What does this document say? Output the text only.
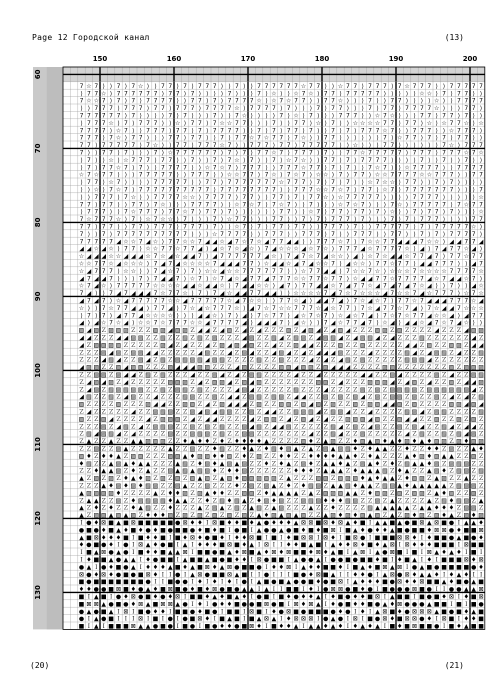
Page 12 Городской канал	(13)
7 ☆ 7 ⟩ ⟩ 7 ⟩ 7 ☆ ⟩ ⟩ 7 7 ⟩ 7 ⟩ 7 7 7 ⟩ ⟩ 7 ⟩ ⟩ 7 7 7 7 7 7 ☆ 7 7 ⟩ ⟩ ☆ 7 7 ⟩ 7 7 7 ⟩ 7 ☆ 7 7 7 ⟩ ⟩ 7 7 7 7 7
⟩ 7 7 ☆ ⟩ 7 7 7 7 7 7 ⟩ 7 7 ⟩ 7 ⟩ ⟩ ⟩ ⟩ 7 ⟩ ⟩ ⟩ 7 ⟩ ☆ ⟩ ⟩ ☆ 7 ☆ ⟩ 7 7 ⟩ 7 7 7 7 7 ⟩ ⟩ ⟩ ⟩ ⟩ ☆ ☆ ⟩ 7 ⟩ 7 7 ⟩ ⟩
7 ☆ ☆ 7 ⟩ 7 ⟩ 7 ⟩ 7 7 7 7 ⟩ ⟩ 7 7 ⟩ 7 ⟩ 7 7 7 7 ☆ ⟩ ☆ 7 ☆ 7 7 ⟩ ⟩ 7 7 ☆ ⟩ ⟩ ⟩ 7 ⟩ ⟩ 7 7 ⟩ ⟩ ⟩ ⟩ ☆ ⟩ ⟩ 7 7 7 7
⟩ ⟩ 7 7 7 ⟩ 7 7 7 ⟩ 7 7 ⟩ 7 7 7 ⟩ 7 7 7 7 ☆ ⟩ 7 7 7 7 ⟩ 7 ⟩ ⟩ ⟩ 7 ⟩ 7 7 ⟩ ⟩ ⟩ 7 ⟩ 7 7 ⟩ 7 7 7 7 ☆ ⟩ ⟩ ⟩ 7 7 ⟩
7 7 7 7 7 7 ⟩ 7 ⟩ ⟩ ⟩ ⟩ 7 ⟩ 7 ⟩ ⟩ ⟩ 7 ⟩ ⟩ 7 ☆ ⟩ ⟩ ⟩ ⟩ 7 ⟩ ☆ ⟩ 7 ⟩ ⟩ ⟩ 7 7 7 ⟩ ⟩ ☆ 7 ☆ ⟩ ⟩ ⟩ 7 7 ⟩ 7 7 ⟩ 7 ⟩ ⟩
⟩ 7 7 7 ☆ ⟩ 7 ⟩ 7 7 7 ⟩ ⟩ ☆ ⟩ 7 7 ⟩ 7 ☆ ☆ 7 7 ⟩ ⟩ ⟩ 7 ⟩ ⟩ 7 7 ⟩ ☆ ⟩ 7 ⟩ ⟩ ☆ ☆ ☆ ☆ 7 7 ⟩ 7 7 ⟩ ☆ ⟩ ☆ 7 7 ☆ ⟩ ☆
7 7 7 7 ⟩ ☆ 7 ⟩ ⟩ 7 7 7 ⟩ 7 7 ⟩ 7 ⟩ 7 7 7 7 ⟩ ⟩ 7 ⟩ 7 ⟩ 7 7 ⟩ 7 ⟩ ⟩ 7 ⟩ 7 ⟩ 7 7 7 ☆ 7 ⟩ ⟩ 7 7 7 ⟩ ⟩ ☆ 7 7 7 ⟩
7 7 7 ⟩ 7 ☆ ⟩ 7 7 ⟩ ⟩ ⟩ 7 7 ⟩ 7 7 ⟩ ⟩ 7 ⟩ 7 7 ☆ 7 ☆ 7 7 ⟩ 7 ☆ ⟩ ⟩ 7 7 ⟩ ⟩ ⟩ ⟩ ⟩ ⟩ 7 ⟩ ☆ 7 7 ⟩ 7 ⟩ 7 ⟩ 7 7 ⟩ ⟩
7 7 ⟩ 7 7 7 7 7 ⟩ 7 ☆ ⟩ ⟩ 7 7 ⟩ 7 7 7 ☆ 7 ⟩ ⟩ 7 7 7 ⟩ 7 7 ⟩ 7 7 7 7 7 ⟩ ⟩ ☆ ⟩ ⟩ ⟩ 7 7 ⟩ ⟩ ⟩ ⟩ ⟩ ⟩ 7 ☆ ⟩ 7 7 7
7 ⟩ ⟩ 7 7 ⟩ 7 ⟩ ⟩ ⟩ 7 ⟩ ☆ 7 7 7 7 7 7 ⟩ 7 ⟩ 7 ⟩ 7 7 ☆ 7 ⟩ 7 7 7 ⟩ 7 ⟩ ⟩ 7 7 ☆ 7 7 7 7 7 ⟩ 7 7 7 ⟩ 7 7 7 ☆ 7 ☆
⟩ 7 ⟩ ⟩ ☆ ⟩ ☆ 7 7 7 ⟩ 7 7 ⟩ ⟩ 7 ⟩ ⟩ 7 ⟩ 7 ☆ ⟩ 7 ⟩ ⟩ 7 ⟩ ☆ 7 ☆ ⟩ ⟩ 7 7 ⟩ 7 ⟩ 7 7 7 7 ⟩ ⟩ ⟩ ⟩ 7 ⟩ ⟩ 7 ⟩ ⟩ 7 ⟩ ⟩
⟩ 7 ⟩ 7 7 ☆ 7 ⟩ 7 ⟩ ⟩ 7 7 7 7 ⟩ ⟩ ☆ 7 ☆ 7 ⟩ 7 7 7 ⟩ ⟩ 7 7 7 ☆ 7 7 ⟩ 7 ⟩ 7 ⟩ ⟩ 7 ☆ 7 ⟩ ⟩ ☆ 7 7 7 7 ⟩ ⟩ 7 7 7 7
☆ 7 ☆ 7 7 ⟩ ⟩ ⟩ 7 7 7 7 7 ⟩ ⟩ 7 7 7 ⟩ ⟩ ☆ ☆ 7 7 ⟩ 7 ☆ ⟩ 7 ☆ 7 ⟩ ☆ ☆ ⟩ 7 ⟩ 7 7 ⟩ ☆ ☆ 7 7 7 7 ☆ ☆ 7 7 7 ⟩ ⟩ 7 7
⟩ 7 7 ⟩ ☆ 7 ⟩ ⟩ ⟩ ⟩ 7 7 7 7 7 ⟩ ⟩ 7 7 ⟩ 7 7 7 7 7 7 7 ☆ 7 7 7 ⟩ 7 ⟩ 7 ⟩ 7 ⟩ ⟩ ☆ 7 ☆ ☆ ⟩ 7 7 ⟩ ⟩ 7 ⟩ 7 ⟩ ⟩ ⟩ ⟩
⟩ ⟩ ☆ ⟩ 7 ☆ 7 ⟩ 7 7 7 7 7 7 7 7 7 7 ⟩ 7 7 7 7 7 7 7 7 ⟩ ⟩ 7 7 7 ☆ ☆ 7 ☆ 7 ⟩ 7 7 ⟩ ☆ 7 ⟩ 7 7 7 7 7 7 7 ⟩ ⟩ ⟩ 7
⟩ ⟩ 7 7 7 ⟩ 7 ☆ ⟩ ⟩ 7 7 7 7 ☆ ☆ ⟩ 7 7 7 7 ⟩ 7 7 ⟩ ⟩ 7 7 ⟩ 7 ⟩ 7 7 ☆ ⟩ ☆ 7 7 7 7 7 ⟩ ⟩ ⟩ ⟩ 7 7 7 7 ⟩ ⟩ ⟩ ⟩ ⟩ ☆
7 7 ⟩ 7 7 ⟩ ⟩ 7 7 ⟩ 7 ☆ ⟩ ⟩ ⟩ 7 7 7 7 ⟩ ⟩ ☆ 7 ☆ 7 ⟩ 7 ☆ 7 ⟩ ⟩ 7 ⟩ ⟩ ⟩ ☆ 7 ☆ 7 ⟩ ⟩ ⟩ 7 ☆ ⟩ 7 7 7 7 7 ⟩ 7 ☆ 7 7
⟩ 7 7 7 ⟩ ⟩ 7 ☆ 7 7 7 ⟩ 7 7 ☆ 7 ⟩ 7 7 ⟩ 7 ⟩ ⟩ ⟩ ⟩ ⟩ ⟩ 7 7 ⟩ ⟩ ☆ 7 ⟩ 7 7 ⟩ 7 7 ⟩ 7 ⟩ ☆ ⟩ ⟩ 7 ⟩ 7 7 ⟩ 7 ⟩ ⟩ ⟩ ☆
7 ☆ 7 7 7 ☆ ⟩ 7 ⟩ ☆ 7 ☆ ☆ ⟩ 7 ⟩ ⟩ ⟩ 7 ⟩ ☆ 7 7 ⟩ ⟩ ⟩ 7 7 ⟩ ⟩ 7 ⟩ 7 ⟩ 7 7 7 ⟩ 7 ⟩ ⟩ ⟩ 7 ⟩ 7 ⟩ 7 7 7 ⟩ ⟩ ⟩ ⟩ 7 7
7 7 ⟩ 7 7 ⟩ ⟩ 7 7 ⟩ 7 7 7 ⟩ 7 7 7 ⟩ 7 ⟩ ⟩ ☆ 7 ⟩ 7 ⟩ 7 7 ⟩ 7 7 ⟩ ⟩ 7 7 7 ⟩ 7 ⟩ ⟩ 7 7 7 7 7 ⟩ 7 ⟩ 7 7 7 7 7 ☆ ⟩
7 ⟩ ⟩ 7 ⟩ 7 7 7 7 7 7 7 7 7 7 ⟩ ⟩ ⟩ ☆ 7 7 7 7 ⟩ ⟩ 7 7 7 ⟩ ⟩ 7 7 7 ⟩ 7 ⟩ ⟩ 7 7 7 ⟩ ⟩ 7 7 ⟩ ⟩ 7 ⟩ 7 ⟩ 7 7 7 7 ⟩
7 7 7 7 7 ◢ ☆ ☆ 7 ◢ ☆ ⟩ 7 7 ☆ ☆ 7 ◢ ◢ ☆ ◢ 7 ☆ 7 ☆ ◢ 7 7 ◢ ◢ ⟩ ⟩ 7 7 7 ☆ 7 ⟩ 7 ☆ ☆ 7 7 ◢ ◢ ◢ 7 ☆ ☆ ⟩ ◢ ◢ 7 7 ◢
◢ ◢ ☆ ◢ ☆ ⟩ 7 7 ⟩ ☆ ☆ 7 7 ☆ 7 7 ◢ ⟩ ◢ ☆ 7 ☆ ◢ ☆ ⟩ 7 ◢ ☆ ☆ ☆ ◢ ☆ 7 ☆ ⟩ 7 7 7 ◢ ☆ 7 7 7 7 ☆ ⟩ ◢ ⟩ 7 ◢ 7 7 ☆ ◢ ⟩
☆ ◢ ◢ ◢ ☆ ☆ ◢ ◢ ◢ ☆ 7 ☆ ◢ ☆ ◢ ◢ 7 ⟩ ◢ 7 7 7 7 7 7 ◢ ☆ ⟩ 7 ◢ 7 ☆ 7 ◢ ☆ ☆ ⟩ ◢ ⟩ ☆ 7 ☆ ◢ ◢ ☆ 7 7 ◢ 7 ⟩ 7 7 ☆ 7 7
☆ ☆ 7 7 ☆ ◢ ☆ ☆ ☆ ⟩ 7 ◢ 7 ◢ ☆ ☆ ☆ ☆ 7 ◢ ◢ ◢ 7 7 ⟩ ☆ ◢ ◢ ☆ ◢ 7 ◢ ☆ ☆ 7 ⟩ ◢ ☆ ☆ ⟩ 7 7 ☆ 7 7 ⟩ ◢ ◢ 7 7 7 ⟩ ⟩ ◢ 7
☆ ◢ 7 7 7 ⟩ ☆ ☆ ⟩ ⟩ 7 ◢ ☆ 7 ⟩ 7 ⟩ ☆ ☆ ◢ ☆ ☆ 7 7 7 7 7 7 ⟩ ⟩ ☆ 7 7 ◢ ◢ ⟩ 7 ☆ ☆ 7 ☆ ⟩ ☆ ☆ ☆ 7 ☆ ☆ ☆ ☆ 7 7 7 7 ☆
◢ 7 ◢ ◢ 7 ⟩ ⟩ ⟩ 7 ⟩ 7 ◢ ◢ 7 ⟩ ☆ 7 ⟩ ☆ 7 ◢ ☆ ◢ 7 7 ◢ 7 7 7 ☆ ☆ 7 7 ☆ 7 7 ⟩ ☆ ◢ ◢ 7 7 ☆ 7 7 7 7 ◢ ☆ 7 ◢ ◢ ☆ 7 ⟩
☆ 7 ◢ ☆ ⟩ 7 7 7 7 7 ☆ ☆ ☆ ☆ ◢ ◢ ☆ ◢ ◢ ☆ ⟩ 7 ◢ ◢ ☆ ☆ ⟩ ◢ 7 ⟩ 7 7 ◢ ◢ ☆ 7 ◢ 7 7 ☆ ◢ 7 ◢ 7 ◢ 7 ☆ ◢ ⟩ ⟩ 7 ⟩ ⟩ ◢ ☆
7 ◢ ⟩ ⟩ 7 ◢ 7 ◢ ◢ ◢ 7 ☆ 7 7 ☆ ⟩ 7 ⟩ 7 ◢ ☆ ◢ ◢ 7 7 ◢ ◢ ⟩ ⟩ ☆ ☆ ☆ ☆ 7 ◢ 7 ☆ 7 ☆ ☆ ☆ ◢ 7 ☆ ☆ 7 ◢ ☆ 7 7 7 ⟩ ☆ 7 ☆
◢ 7 ◢ 7 ⟩ ☆ ◢ 7 7 7 7 7 ☆ ☆ ◢ 7 7 7 7 7 ☆ ◢ 7 ☆ ☆ ⟩ ⟩ 7 7 ☆ ◢ ⟩ ◢ ◢ 7 ◢ ⟩ 7 ☆ ◢ ☆ 7 ⟩ 7 7 ☆ 7 ◢ ◢ ◢ 7 7 7 ☆ ◢
☆ ⟩ ⟩ 7 ☆ 7 7 ◢ ◢ ⟩ 7 7 ◢ ⟩ 7 ☆ ◢ ☆ 7 7 7 ☆ ⟩ ◢ 7 ☆ 7 ☆ ☆ 7 7 7 ☆ ◢ ☆ 7 7 ⟩ 7 ☆ ◢ 7 7 ☆ 7 ◢ ⟩ 7 ☆ ◢ ◢ 7 ☆ ☆ ☆
⟩ 7 ⟩ 7 ⟩ ◢ 7 7 ◢ ☆ ☆ ☆ ☆ ⟩ ⟩ ⟩ ◢ ◢ ☆ ⟩ 7 ⟩ ◢ ⟩ 7 ☆ 7 7 ⟩ ◢ ☆ 7 ☆ 7 ⟩ ☆ ◢ ☆ 7 ◢ ⟩ 7 ☆ 7 ☆ 7 7 ◢ ☆ ☆ ◢ ⟩ ◢ 7 7
◢ ⟩ ◢ ☆ 7 ☆ ◢ ⟩ ☆ ☆ 7 ☆ 7 7 7 ☆ ☆ ◢ 7 7 7 7 ◢ ⟩ ◢ ◢ ◢ 7 ⟩ ◢ ☆ ⟩ ⟩ 7 ◢ ☆ 7 7 ◢ 7 ⟩ ☆ ◢ ⟩ ◢ ◢ ☆ ◢ 7 ☆ 7 ◢ ☆ ⟩ ⟩
▨ ◢ ▨ Ｚ ▨ ▨ ▨ Ｚ Ｚ Ｚ ▨ ▨ ◢ ▨ ▨ Ｚ ◢ ◢ Ｚ ◢ ▨ Ｚ ◢ Ｚ ◢ Ｚ Ｚ Ｚ ▨ Ｚ ◢ ▨ ◢ Ｚ ◢ ▨ ◢ Ｚ Ｚ Ｚ ▨ ▨ Ｚ ▨ Ｚ Ｚ Ｚ Ｚ ◢ Ｚ Ｚ Ｚ ◢ ▨ ▨
◢ ◢ Ｚ Ｚ Ｚ ◢ ◢ ▨ ▨ Ｚ Ｚ ▨ Ｚ Ｚ ▨ Ｚ ▨ Ｚ ▨ Ｚ Ｚ Ｚ ◢ ▨ Ｚ Ｚ ▨ ◢ Ｚ ▨ ▨ Ｚ ◢ ▨ ▨ ◢ Ｚ ◢ ▨ ▨ ◢ Ｚ ◢ Ｚ Ｚ Ｚ ▨ Ｚ Ｚ Ｚ Ｚ Ｚ Ｚ ◢ Ｚ
◢ Ｚ ▨ ▨ ▨ ▨ Ｚ Ｚ Ｚ Ｚ Ｚ ▨ ◢ Ｚ ◢ Ｚ Ｚ ◢ Ｚ ▨ ◢ ▨ ◢ ▨ Ｚ Ｚ ◢ Ｚ Ｚ ▨ ◢ ◢ Ｚ Ｚ Ｚ ▨ Ｚ Ｚ ▨ Ｚ Ｚ Ｚ Ｚ Ｚ ◢ ◢ Ｚ ▨ Ｚ Ｚ ▨ ▨ Ｚ ◢ ◢
Ｚ Ｚ Ｚ ▨ ◢ ▨ Ｚ ▨ ▨ ◢ ◢ Ｚ Ｚ Ｚ Ｚ Ｚ ◢ ▨ Ｚ Ｚ ◢ Ｚ ▨ ◢ Ｚ Ｚ ◢ ▨ ◢ Ｚ ◢ Ｚ ◢ ◢ ◢ ▨ Ｚ Ｚ Ｚ ◢ Ｚ Ｚ Ｚ Ｚ ▨ ◢ Ｚ ◢ ▨ ▨ Ｚ ◢ Ｚ Ｚ ▨
Ｚ Ｚ Ｚ ◢ ▨ ◢ Ｚ Ｚ ▨ ◢ Ｚ ▨ Ｚ ▨ ▨ ▨ ▨ ◢ ▨ ▨ Ｚ Ｚ Ｚ Ｚ ▨ Ｚ Ｚ ▨ Ｚ Ｚ Ｚ ◢ Ｚ ◢ Ｚ ◢ ▨ Ｚ ▨ Ｚ Ｚ Ｚ Ｚ Ｚ ▨ ▨ ▨ ◢ Ｚ Ｚ Ｚ Ｚ Ｚ Ｚ Ｚ
◢ ▨ ▨ Ｚ Ｚ ▨ ◢ ▨ ▨ Ｚ Ｚ Ｚ ▨ ◢ ◢ ◢ ▨ ▨ Ｚ Ｚ Ｚ ◢ ▨ Ｚ Ｚ Ｚ Ｚ ▨ ▨ ◢ ▨ ▨ Ｚ ▨ ◢ ◢ ◢ Ｚ Ｚ Ｚ Ｚ ▨ ▨ Ｚ Ｚ Ｚ Ｚ Ｚ Ｚ Ｚ ▨ Ｚ ▨ ▨ ▨
Ｚ Ｚ ▨ ▨ Ｚ ▨ ◢ ◢ Ｚ ▨ Ｚ ▨ Ｚ Ｚ Ｚ ◢ Ｚ Ｚ ▨ ◢ Ｚ ◢ Ｚ ▨ ▨ Ｚ Ｚ Ｚ Ｚ ◢ Ｚ Ｚ ◢ Ｚ Ｚ Ｚ Ｚ Ｚ ◢ ◢ Ｚ Ｚ ▨ ◢ Ｚ Ｚ Ｚ Ｚ ▨ Ｚ ◢ Ｚ Ｚ ▨ ▨
Ｚ ◢ ▨ ◢ ▨ Ｚ ◢ Ｚ Ｚ Ｚ Ｚ Ｚ ▨ ▨ ▨ Ｚ ◢ Ｚ ▨ ▨ ◢ Ｚ ▨ ◢ ▨ Ｚ Ｚ Ｚ Ｚ Ｚ Ｚ Ｚ ▨ ▨ Ｚ ◢ Ｚ Ｚ Ｚ ▨ ▨ ▨ ◢ Ｚ ◢ ▨ Ｚ ◢ Ｚ Ｚ ▨ Ｚ ◢ ◢ ▨
Ｚ ◢ ▨ Ｚ ▨ ▨ ▨ ▨ ▨ Ｚ Ｚ ▨ Ｚ ▨ ▨ Ｚ ▨ Ｚ Ｚ Ｚ Ｚ ◢ ▨ ◢ Ｚ Ｚ Ｚ Ｚ Ｚ ▨ Ｚ Ｚ Ｚ ◢ Ｚ Ｚ Ｚ Ｚ ▨ Ｚ ▨ Ｚ ▨ ▨ ▨ ▨ Ｚ ▨ ▨ ▨ ▨ ▨ ▨ ◢ Ｚ
◢ ▨ Ｚ Ｚ ▨ Ｚ ◢ ▨ Ｚ Ｚ ◢ Ｚ Ｚ Ｚ ▨ ▨ Ｚ Ｚ ▨ Ｚ ◢ ◢ Ｚ ▨ ▨ Ｚ ▨ ▨ Ｚ ◢ ◢ Ｚ Ｚ ▨ Ｚ ▨ Ｚ ▨ ◢ Ｚ ▨ Ｚ ▨ ▨ Ｚ ▨ Ｚ Ｚ ▨ Ｚ ◢ Ｚ ◢ Ｚ ▨
▨ Ｚ Ｚ Ｚ Ｚ ▨ Ｚ Ｚ Ｚ ▨ ◢ ◢ Ｚ Ｚ ▨ ▨ Ｚ ◢ Ｚ ▨ ◢ ◢ ◢ Ｚ ▨ Ｚ Ｚ ▨ ▨ Ｚ ▨ ◢ ▨ Ｚ ▨ Ｚ Ｚ ▨ Ｚ ▨ ▨ ◢ ◢ ▨ Ｚ ▨ Ｚ Ｚ Ｚ Ｚ ▨ ▨ ◢ ▨ ◢
Ｚ ◢ Ｚ Ｚ Ｚ Ｚ Ｚ ◢ Ｚ Ｚ ▨ ▨ ▨ Ｚ Ｚ ▨ ◢ ▨ ◢ ▨ ▨ Ｚ Ｚ ▨ Ｚ ◢ ◢ Ｚ Ｚ ▨ ▨ ▨ ◢ Ｚ ▨ ▨ ◢ Ｚ Ｚ ◢ Ｚ Ｚ Ｚ Ｚ ▨ ▨ ◢ Ｚ ▨ ▨ Ｚ Ｚ Ｚ Ｚ ▨
▨ Ｚ Ｚ ▨ ◢ Ｚ Ｚ Ｚ Ｚ ◢ Ｚ ▨ ▨ ▨ Ｚ ◢ Ｚ ◢ ◢ Ｚ Ｚ Ｚ Ｚ ◢ Ｚ ▨ ▨ Ｚ ◢ Ｚ ▨ ◢ Ｚ ◢ Ｚ Ｚ ▨ ▨ ▨ ◢ ▨ Ｚ Ｚ ▨ ◢ ◢ Ｚ Ｚ ▨ Ｚ Ｚ ▨ Ｚ ▨ Ｚ
Ｚ Ｚ Ｚ ▨ Ｚ ◢ ▨ Ｚ ◢ Ｚ ▨ ▨ ▨ Ｚ Ｚ ▨ Ｚ ▨ Ｚ ▨ Ｚ Ｚ ▨ ◢ ▨ Ｚ ◢ ◢ ▨ Ｚ Ｚ Ｚ Ｚ Ｚ ▨ ◢ Ｚ ▨ Ｚ ◢ ▨ Ｚ Ｚ ▨ Ｚ ▨ ◢ Ｚ Ｚ ▨ ◢ Ｚ ◢ ◢ Ｚ
Ｚ ▨ ◢ ▨ ▨ ◢ Ｚ ◢ Ｚ Ｚ Ｚ Ｚ ▨ Ｚ Ｚ ▨ ▨ ▨ Ｚ ▨ Ｚ Ｚ ▨ ▨ Ｚ Ｚ Ｚ Ｚ Ｚ Ｚ Ｚ ◢ Ｚ Ｚ ▨ ◢ Ｚ Ｚ ▨ Ｚ Ｚ Ｚ Ｚ Ｚ ◢ Ｚ ▨ Ｚ Ｚ ▨ Ｚ ▨ ◢ ▨ Ｚ
Ｚ ▲ Ｚ Ｚ ▲ Ｚ Ｚ ▲ ▲ ▨ ▨ ▨ Ｚ Ｚ ♦ ▲ ♦ ♦ Ｚ ♦ Ｚ ♦ ♦ ♦ ♦ ▲ Ｚ Ｚ Ｚ Ｚ ▨ ♦ Ｚ ▲ ▨ Ｚ Ｚ ♦ ▨ ▲ ▨ ♦ ▲ ♦ ▨ ♦ ▲ ♦ ▨ ▨ Ｚ ▨ ♦ ▨ ▨
Ｚ Ｚ ▨ Ｚ Ｚ ▨ ▲ Ｚ Ｚ Ｚ Ｚ Ｚ ▲ Ｚ Ｚ ▨ Ｚ Ｚ ♦ ▨ Ｚ Ｚ ♦ ▲ Ｚ ♦ ▨ ♦ ▨ ▲ Ｚ ▲ Ｚ ▨ ▲ ▨ ▨ ♦ Ｚ ♦ ▲ ▲ Ｚ Ｚ ♦ Ｚ Ｚ ♦ ♦ Ｚ ▨ Ｚ Ｚ ▲ ♦
▨ ♦ Ｚ ♦ ♦ ▲ Ｚ ▨ ▨ Ｚ Ｚ Ｚ ▨ ▨ ▲ ♦ ▨ ▨ ♦ ♦ ▨ Ｚ ♦ Ｚ ▨ Ｚ Ｚ ♦ ♦ Ｚ Ｚ ♦ ♦ ♦ ♦ ▲ ▲ ♦ Ｚ ♦ ▲ Ｚ Ｚ Ｚ ▲ ♦ ▨ ♦ ▨ ▲ ▲ Ｚ Ｚ ▨ Ｚ
♦ ▨ Ｚ Ｚ ▲ ▨ ▲ ♦ ▲ ▲ Ｚ Ｚ Ｚ ▲ ▨ Ｚ ♦ ▨ ♦ ▲ ▨ ▲ ▨ Ｚ Ｚ ♦ Ｚ ♦ ▲ Ｚ ▨ ♦ Ｚ ▲ ▲ ♦ ▲ Ｚ ▨ ▲ ♦ Ｚ ♦ Ｚ ▨ ▲ ▲ ♦ ▨ Ｚ ▨ ▨ ▨ Ｚ Ｚ
Ｚ Ｚ ♦ ▲ ▲ ▨ Ｚ ♦ Ｚ ▲ Ｚ Ｚ ▨ ▲ ▨ ▲ ▨ ▨ ♦ Ｚ ♦ ♦ ▨ Ｚ Ｚ Ｚ Ｚ Ｚ Ｚ ♦ ♦ ♦ Ｚ ▲ ▲ ▲ Ｚ ♦ ▲ ▲ ▲ ▨ Ｚ ♦ ▲ Ｚ Ｚ ▲ ▨ ♦ Ｚ ▨ ▨ Ｚ ▨
▲ Ｚ ▨ Ｚ ▨ Ｚ ♦ ▲ ♦ ▨ Ｚ ▨ Ｚ ▨ Ｚ ▨ ▲ ▨ Ｚ ▲ ▨ ♦ ▨ ▨ ▨ ▨ ▨ Ｚ ▲ Ｚ Ｚ Ｚ ▨ ▨ Ｚ ▨ ▨ ▨ ♦ ▲ ♦ ▲ ▲ Ｚ ♦ ▨ ▨ Ｚ ▲ ▨ Ｚ Ｚ ▲ Ｚ Ｚ
Ｚ Ｚ Ｚ ▲ ♦ ▨ ♦ ▨ ♦ ▨ ▨ Ｚ Ｚ ▨ ▲ Ｚ Ｚ ▨ Ｚ Ｚ Ｚ ♦ Ｚ ▨ Ｚ ▨ ▲ Ｚ ♦ Ｚ ♦ ▨ ▨ Ｚ ▲ ▲ ▨ ♦ ▲ ▲ Ｚ ▨ ▨ ▲ ♦ ▲ ▲ ▲ ▲ ▲ Ｚ ▨ ▨ ▨ Ｚ
▲ ▨ ▨ ▨ ▨ ♦ Ｚ Ｚ Ｚ Ｚ ▲ Ｚ ♦ ♦ ▨ Ｚ ▨ ▲ ♦ ♦ Ｚ Ｚ ▨ ▨ Ｚ ♦ ▲ ▲ ▲ ▲ Ｚ ▲ Ｚ ▨ ▨ ▨ ▲ ▲ Ｚ ♦ ▨ ▨ Ｚ ▨ Ｚ ▨ ▨ Ｚ ▲ ♦ ▨ Ｚ Ｚ ▨ Ｚ
Ｚ ▲ ▲ Ｚ Ｚ ▨ Ｚ ♦ ▨ ▨ ▨ ▨ ♦ ▲ ▲ Ｚ Ｚ ♦ Ｚ ▨ ♦ ▨ ▲ Ｚ ♦ ▨ ♦ ▨ Ｚ Ｚ ▨ ▨ ▨ ♦ ♦ ♦ ▨ ▨ Ｚ Ｚ ▨ Ｚ ▲ Ｚ Ｚ Ｚ Ｚ ▲ Ｚ ▨ ♦ ▨ ▨ Ｚ ▲
▲ Ｚ ♦ Ｚ ♦ Ｚ Ｚ ♦ ▲ ▨ Ｚ Ｚ ♦ Ｚ Ｚ Ｚ ▲ Ｚ ▨ ▲ Ｚ ▨ Ｚ ▲ ▨ Ｚ ▲ ▨ Ｚ Ｚ Ｚ ▲ Ｚ Ｚ ♦ Ｚ Ｚ Ｚ Ｚ ▨ ▲ ▲ ▲ ▲ ▲ Ｚ ▲ ▲ ♦ ♦ ♦ Ｚ ▨ ▨ Ｚ
▲ Ｚ ▨ ▨ ▲ ▨ ▲ ▨ Ｚ ♦ ♦ ♦ ▨ Ｚ ▨ Ｚ ▨ Ｚ ▨ Ｚ ▨ Ｚ ▨ Ｚ ▲ ♦ ▨ ▲ ▨ ▲ ▨ Ｚ Ｚ ▲ ▨ ♦ ▨ ♦ ▨ ▲ ▨ Ｚ ▲ Ｚ ▨ ♦ ▨ Ｚ ▨ ♦ ▲ Ｚ ▨ ♦ ▨
Ｉ ● ♦ ⊠ ■ ▲ ■ ⊠ ■ ■ ■ ■ ■ ● ⊠ ♦ ♦ Ｉ ⊠ ■ ♦ ♦ ■ ♦ ▲ ● ♦ ♦ ♦ ▲ ⊠ ⊠ ■ ⊠ ♦ ⊠ ▲ ♦ ■ Ｉ ▲ ▲ ■ ▲ ● ■ ⊠ ▲ ⊠ ■ ● Ｉ ▲ ▲ ♦
● ■ ● ♦ ■ ▲ ♦ ■ ♦ ● ♦ ■ ● ■ ■ ● ♦ ■ ♦ ■ Ｉ ● ■ Ｉ ▲ ● ● ▲ ● ■ ♦ ■ ♦ ■ ⊠ Ｉ ■ ▲ ♦ ● ♦ ♦ ▲ ■ ● ■ ■ ♦ ⊠ ⊠ ● ♦ ■ ■ ⊠
▲ ■ ⊠ ♦ ♦ ♦ ■ Ｉ ■ ♦ ♦ ■ Ｉ ■ ♦ ⊠ ♦ ● ■ ♦ Ｉ ♦ ♦ ⊠ ■ Ｉ ■ Ｉ ♦ ■ ⊠ ⊠ Ｉ ⊠ ♦ Ｉ ■ ⊠ ● Ｉ ■ ■ ■ ⊠ ⊠ ♦ Ｉ ♦ ■ ■ ● ▲ ■ ● ♦
♦ ● ■ ● ♦ Ｉ ● Ｉ ⊠ ▲ ♦ ● ■ Ｉ ▲ Ｉ ♦ ♦ ♦ ■ ⊠ ■ ♦ ▲ Ｉ ⊠ Ｉ Ｉ ♦ ♦ ■ ▲ ■ Ｉ ▲ ♦ ♦ ⊠ ♦ ■ ♦ ▲ ⊠ Ｉ ⊠ ♦ ♦ ♦ ■ ■ ■ Ｉ ⊠ ■ ■
Ｉ ■ ▲ ⊠ ● ▲ ● Ｉ ■ ♦ ♦ ■ ▲ ▲ ⊠ Ｉ ■ ■ ● ■ ▲ ♦ ⊠ ■ ▲ ♦ ⊠ ♦ ⊠ ■ ■ ♦ ⊠ ♦ ▲ ■ Ｉ ▲ ⊠ Ｉ ▲ ● ⊠ ■ Ｉ ■ Ｉ ⊠ ▲ ♦ ▲ ♦ Ｉ ■ Ｉ
Ｉ ♦ ■ ■ ▲ ● ▲ ▲ Ｉ ♦ ● ■ ■ Ｉ ▲ ■ ■ ▲ ■ ● ■ ♦ ♦ Ｉ ⊠ ● ■ ■ Ｉ ▲ ● ● ▲ Ｉ ● ● ■ ● ■ ■ ♦ ■ Ｉ ♦ ■ ▲ Ｉ ♦ Ｉ ■ ■ ■ ⊠ ♦ ⊠
● ▲ Ｉ ● ♦ ■ ● ▲ Ｉ ♦ ♦ ♦ ▲ ■ ♦ ▲ ■ ⊠ ♦ ▲ ⊠ ● ■ ■ ● Ｉ ♦ ♦ ⊠ Ｉ ▲ ♦ ♦ ■ ■ ♦ Ｉ ■ ▲ ♦ ■ ⊠ ▲ ⊠ Ｉ ● ▲ ■ ● ■ ■ ■ ■ ● ♦
⊠ ● ♦ ⊠ ♦ ● ■ ● ■ ⊠ ♦ Ｉ Ｉ ● Ｉ ▲ ⊠ ● ■ ■ ⊠ ▲ ■ Ｉ Ｉ ● Ｉ Ｉ Ｉ ■ ● ♦ ⊠ ■ ▲ Ｉ Ｉ ♦ ♦ ● Ｉ ▲ ⊠ ● ⊠ ♦ ▲ ▲ ♦ Ｉ ♦ ▲ ♦ Ｉ Ｉ
■ ● ■ ■ ■ ■ ■ ■ ■ ● Ｉ Ｉ ■ ● ● Ｉ ♦ Ｉ ♦ Ｉ ♦ Ｉ ● Ｉ ▲ ■ ● ■ ▲ ● ● ■ ♦ ● ■ ⊠ Ｉ ▲ ♦ ♦ ♦ ■ ● ⊠ ♦ ♦ ⊠ ■ ■ ▲ ♦ ■ ● ▲ ■
♦ ♦ ● ● ■ ⊠ ■ ♦ ● ▲ ♦ ■ ⊠ ■ ● ♦ ■ ♦ ⊠ ● ■ ● ▲ ▲ Ｉ ▲ Ｉ Ｉ ■ ■ Ｉ ♦ Ｉ ● ⊠ ⊠ ● ■ ♦ ● Ｉ ■ ● ● ● ⊠ ■ ● Ｉ Ｉ ● ● ▲ ▲ ⊠
■ Ｉ ▲ ■ Ｉ ● ♦ ⊠ ● ■ ♦ ● ♦ ⊠ Ｉ ■ ■ ♦ ▲ ♦ ■ ▲ ♦ Ｉ ● ■ Ｉ ■ ♦ ● ♦ ♦ ▲ Ｉ ♦ ■ ● ♦ ♦ ■ ⊠ Ｉ ▲ ■ ■ Ｉ ■ ● ■ ♦ ⊠ Ｉ ♦ ■ ⊠
■ ⊠ ⊠ ▲ ● ■ ● ♦ ⊠ ▲ ■ ⊠ ⊠ ▲ ● Ｉ ♦ Ｉ ● ♦ ♦ ■ ● ● ■ ⊠ ● ■ Ｉ ⊠ ♦ ⊠ ▲ Ｉ ♦ ● ■ ♦ ♦ ■ ● ▲ ♦ ⊠ ● ● ● ▲ ■ ■ Ｉ ■ Ｉ ■ ●
● ▲ ● ■ ▲ Ｉ ⊠ Ｉ ■ ● ♦ ♦ Ｉ ■ ■ ● ♦ ■ ● Ｉ ■ ■ Ｉ ⊠ ■ Ｉ ♦ ● ⊠ ■ ● ■ ■ ■ ● ♦ ● Ｉ ♦ Ｉ ▲ ⊠ ■ ♦ ● ⊠ ⊠ ⊠ ▲ ■ ● ■ ♦ ▲ ■
● Ｉ ▲ ● ■ Ｉ Ｉ Ｉ ⊠ Ｉ ■ Ｉ ● Ｉ ● ■ ⊠ ♦ Ｉ ■ ▲ ■ Ｉ ■ ▲ ⊠ ▲ Ｉ ♦ ⊠ ⊠ ⊠ Ｉ ● ▲ ● Ｉ ⊠ Ｉ ■ ● ⊠ ♦ ■ ⊠ ⊠ ● ♦ Ｉ ⊠ ■ Ｉ ♦ ♦ ■
■ Ｉ ▲ Ｉ ■ ■ ■ ⊠ ▲ ▲ ● ■ ● Ｉ ■ ● Ｉ ■ ● ♦ ♦ ● ■ ⊠ ♦ Ｉ ■ ♦ ♦ ▲ Ｉ ▲ ▲ ♦ ▲ ♦ Ｉ ♦ ▲ ♦ ▲ Ｉ ■ ♦ ■ ⊠ ■ ■ ● Ｉ ■ ♦ ▲ ■ ■
150	160	170	180	190	200
60
70
80
90
100
110
120
130
(20)	(21)
